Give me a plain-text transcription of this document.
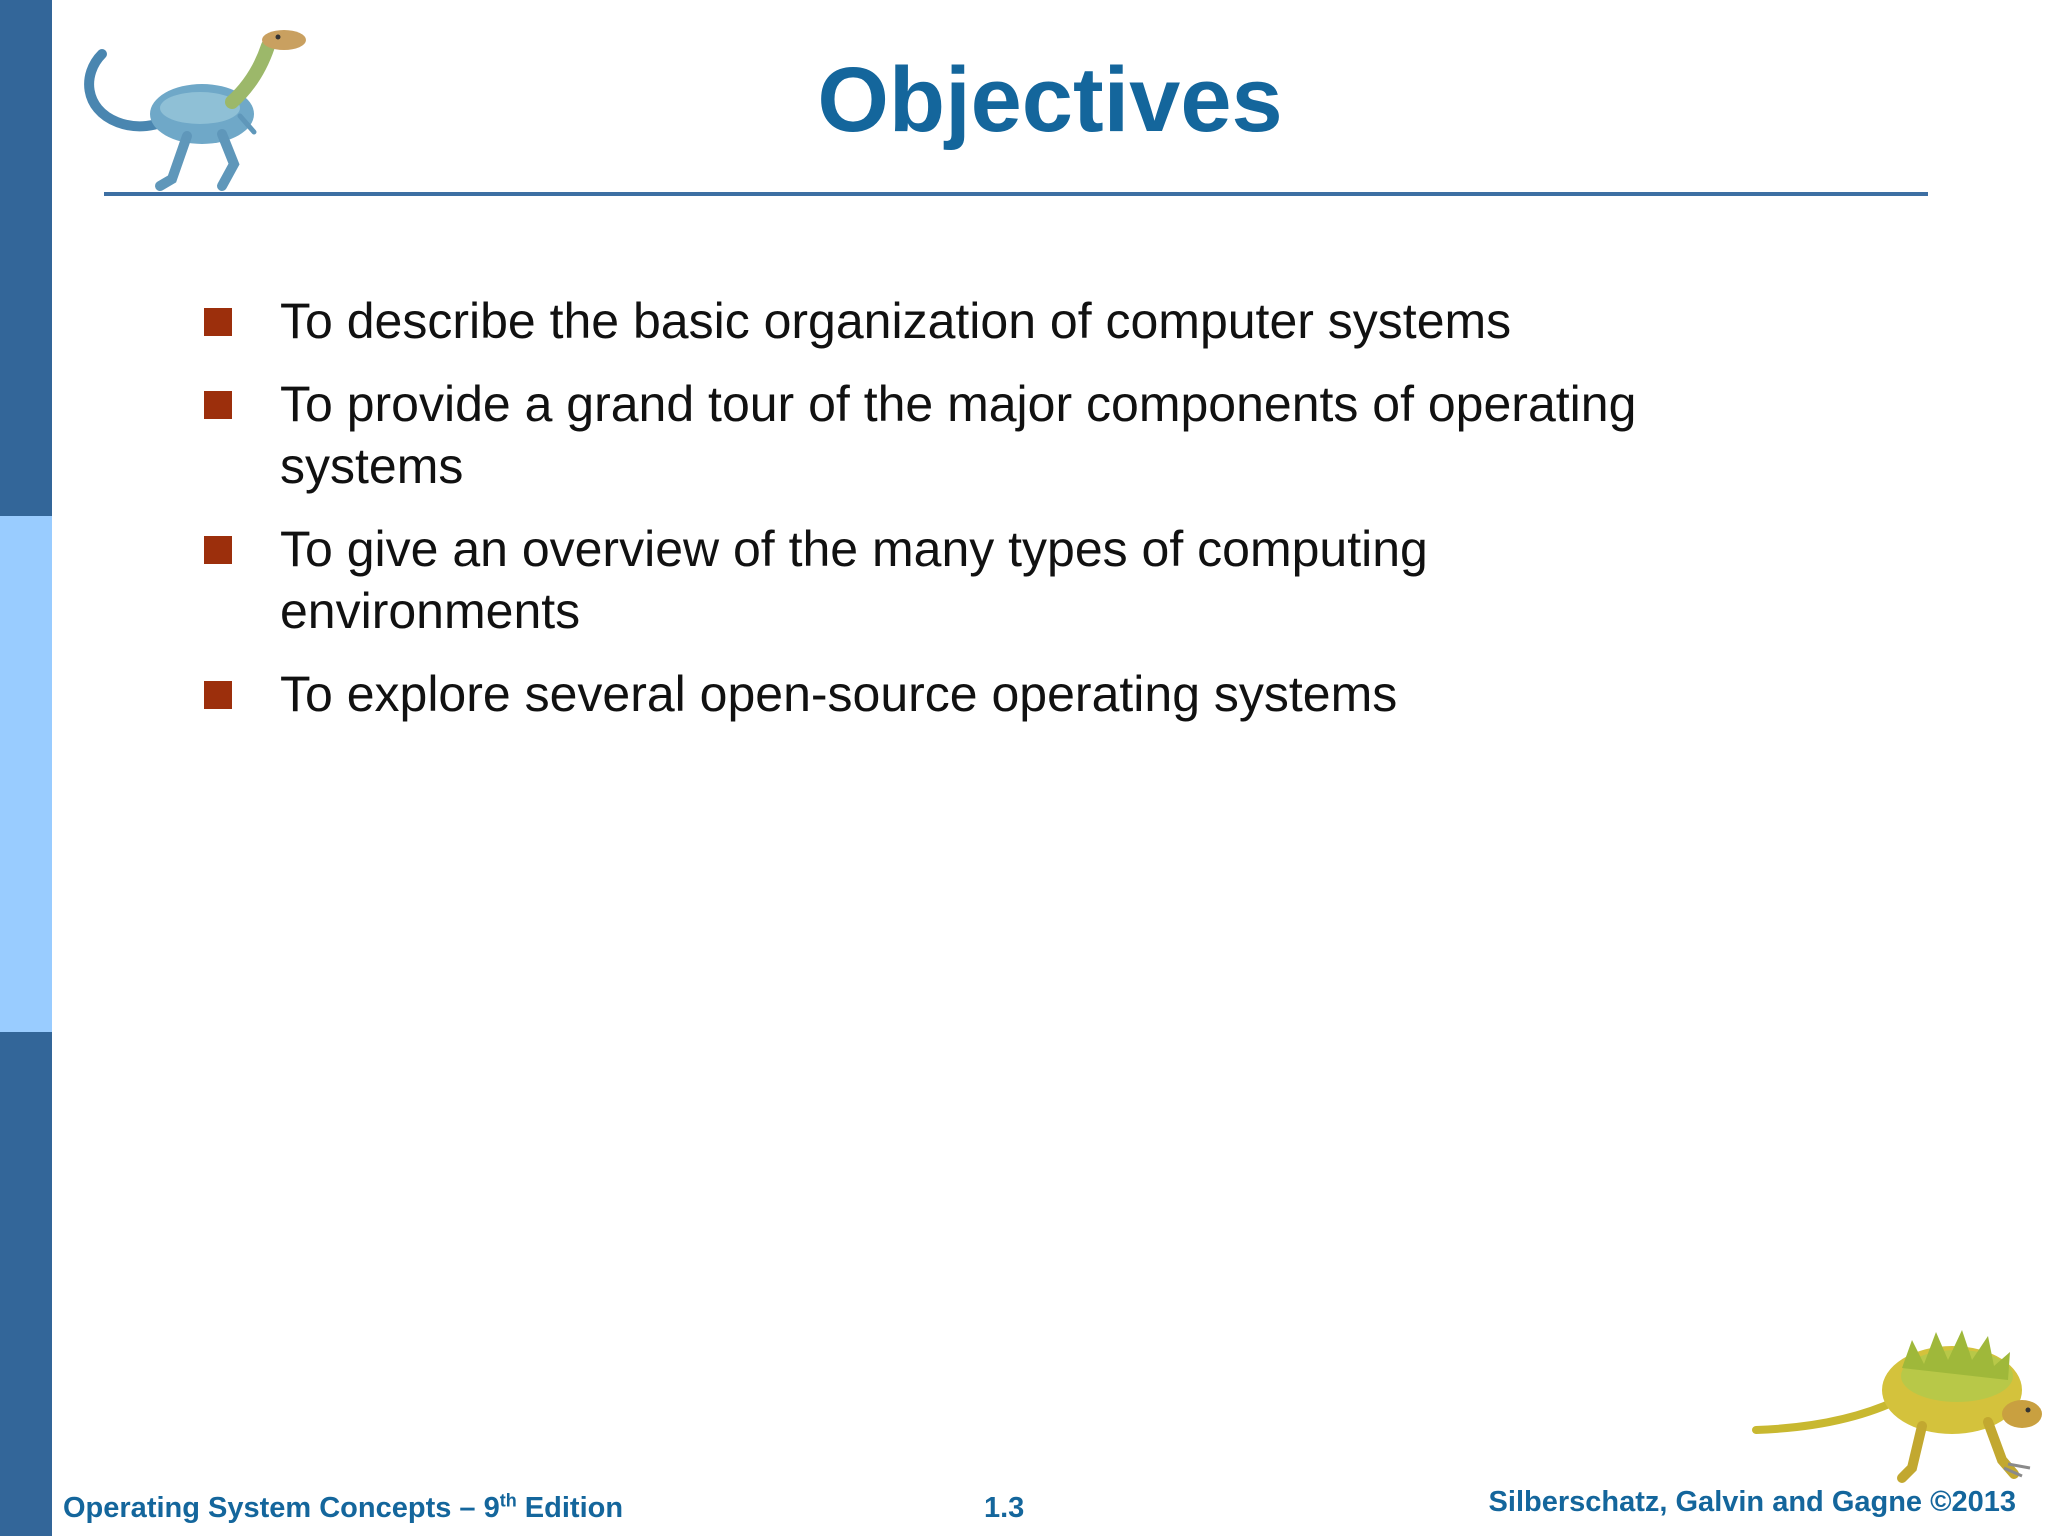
Objectives
To describe the basic organization of computer systems
To provide a grand tour of the major components of operating systems
To give an overview of the many types of computing environments
To explore several open-source operating systems
Operating System Concepts – 9th Edition	1.3	Silberschatz, Galvin and Gagne ©2013
